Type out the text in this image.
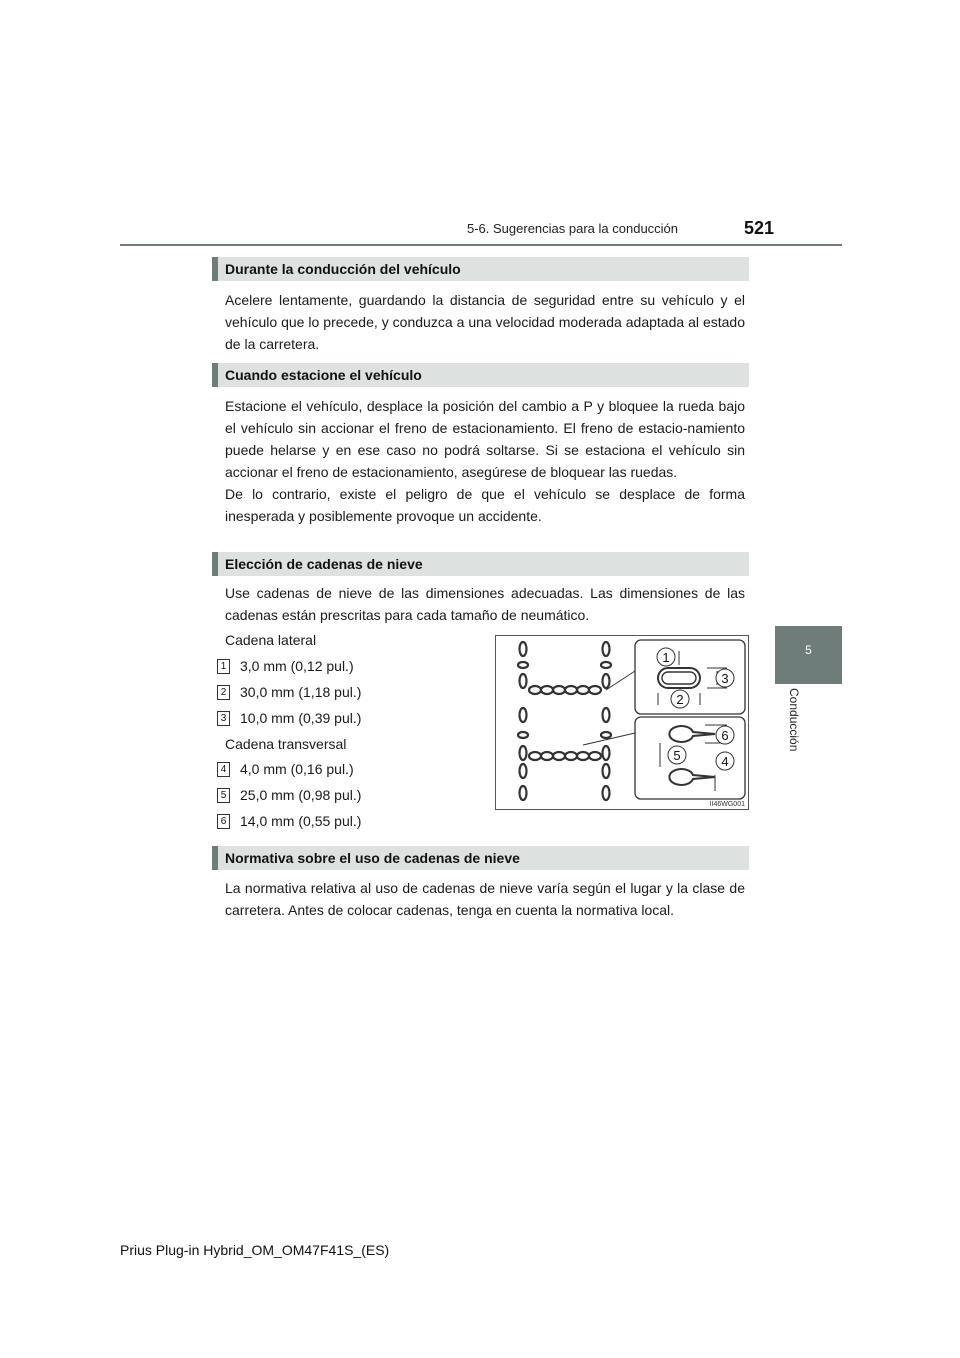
5-6. Sugerencias para la conducción	521
5
Conducción
Durante la conducción del vehículo

Acelere lentamente, guardando la distancia de seguridad entre su vehículo y el vehículo que lo precede, y conduzca a una velocidad moderada adaptada al estado de la carretera.

Cuando estacione el vehículo

Estacione el vehículo, desplace la posición del cambio a P y bloquee la rueda bajo el vehículo sin accionar el freno de estacionamiento. El freno de estacio-namiento puede helarse y en ese caso no podrá soltarse. Si se estaciona el vehículo sin accionar el freno de estacionamiento, asegúrese de bloquear las ruedas.

De lo contrario, existe el peligro de que el vehículo se desplace de forma inesperada y posiblemente provoque un accidente.

Elección de cadenas de nieve

Use cadenas de nieve de las dimensiones adecuadas. Las dimensiones de las cadenas están prescritas para cada tamaño de neumático.

Cadena lateral
1 3,0 mm (0,12 pul.)
2 30,0 mm (1,18 pul.)
3 10,0 mm (0,39 pul.)
Cadena transversal
4 4,0 mm (0,16 pul.)
5 25,0 mm (0,98 pul.)
6 14,0 mm (0,55 pul.)
1
2
3
4
5
6
II46WG001
Normativa sobre el uso de cadenas de nieve

La normativa relativa al uso de cadenas de nieve varía según el lugar y la clase de carretera. Antes de colocar cadenas, tenga en cuenta la normativa local.

Prius Plug-in Hybrid_OM_OM47F41S_(ES)
